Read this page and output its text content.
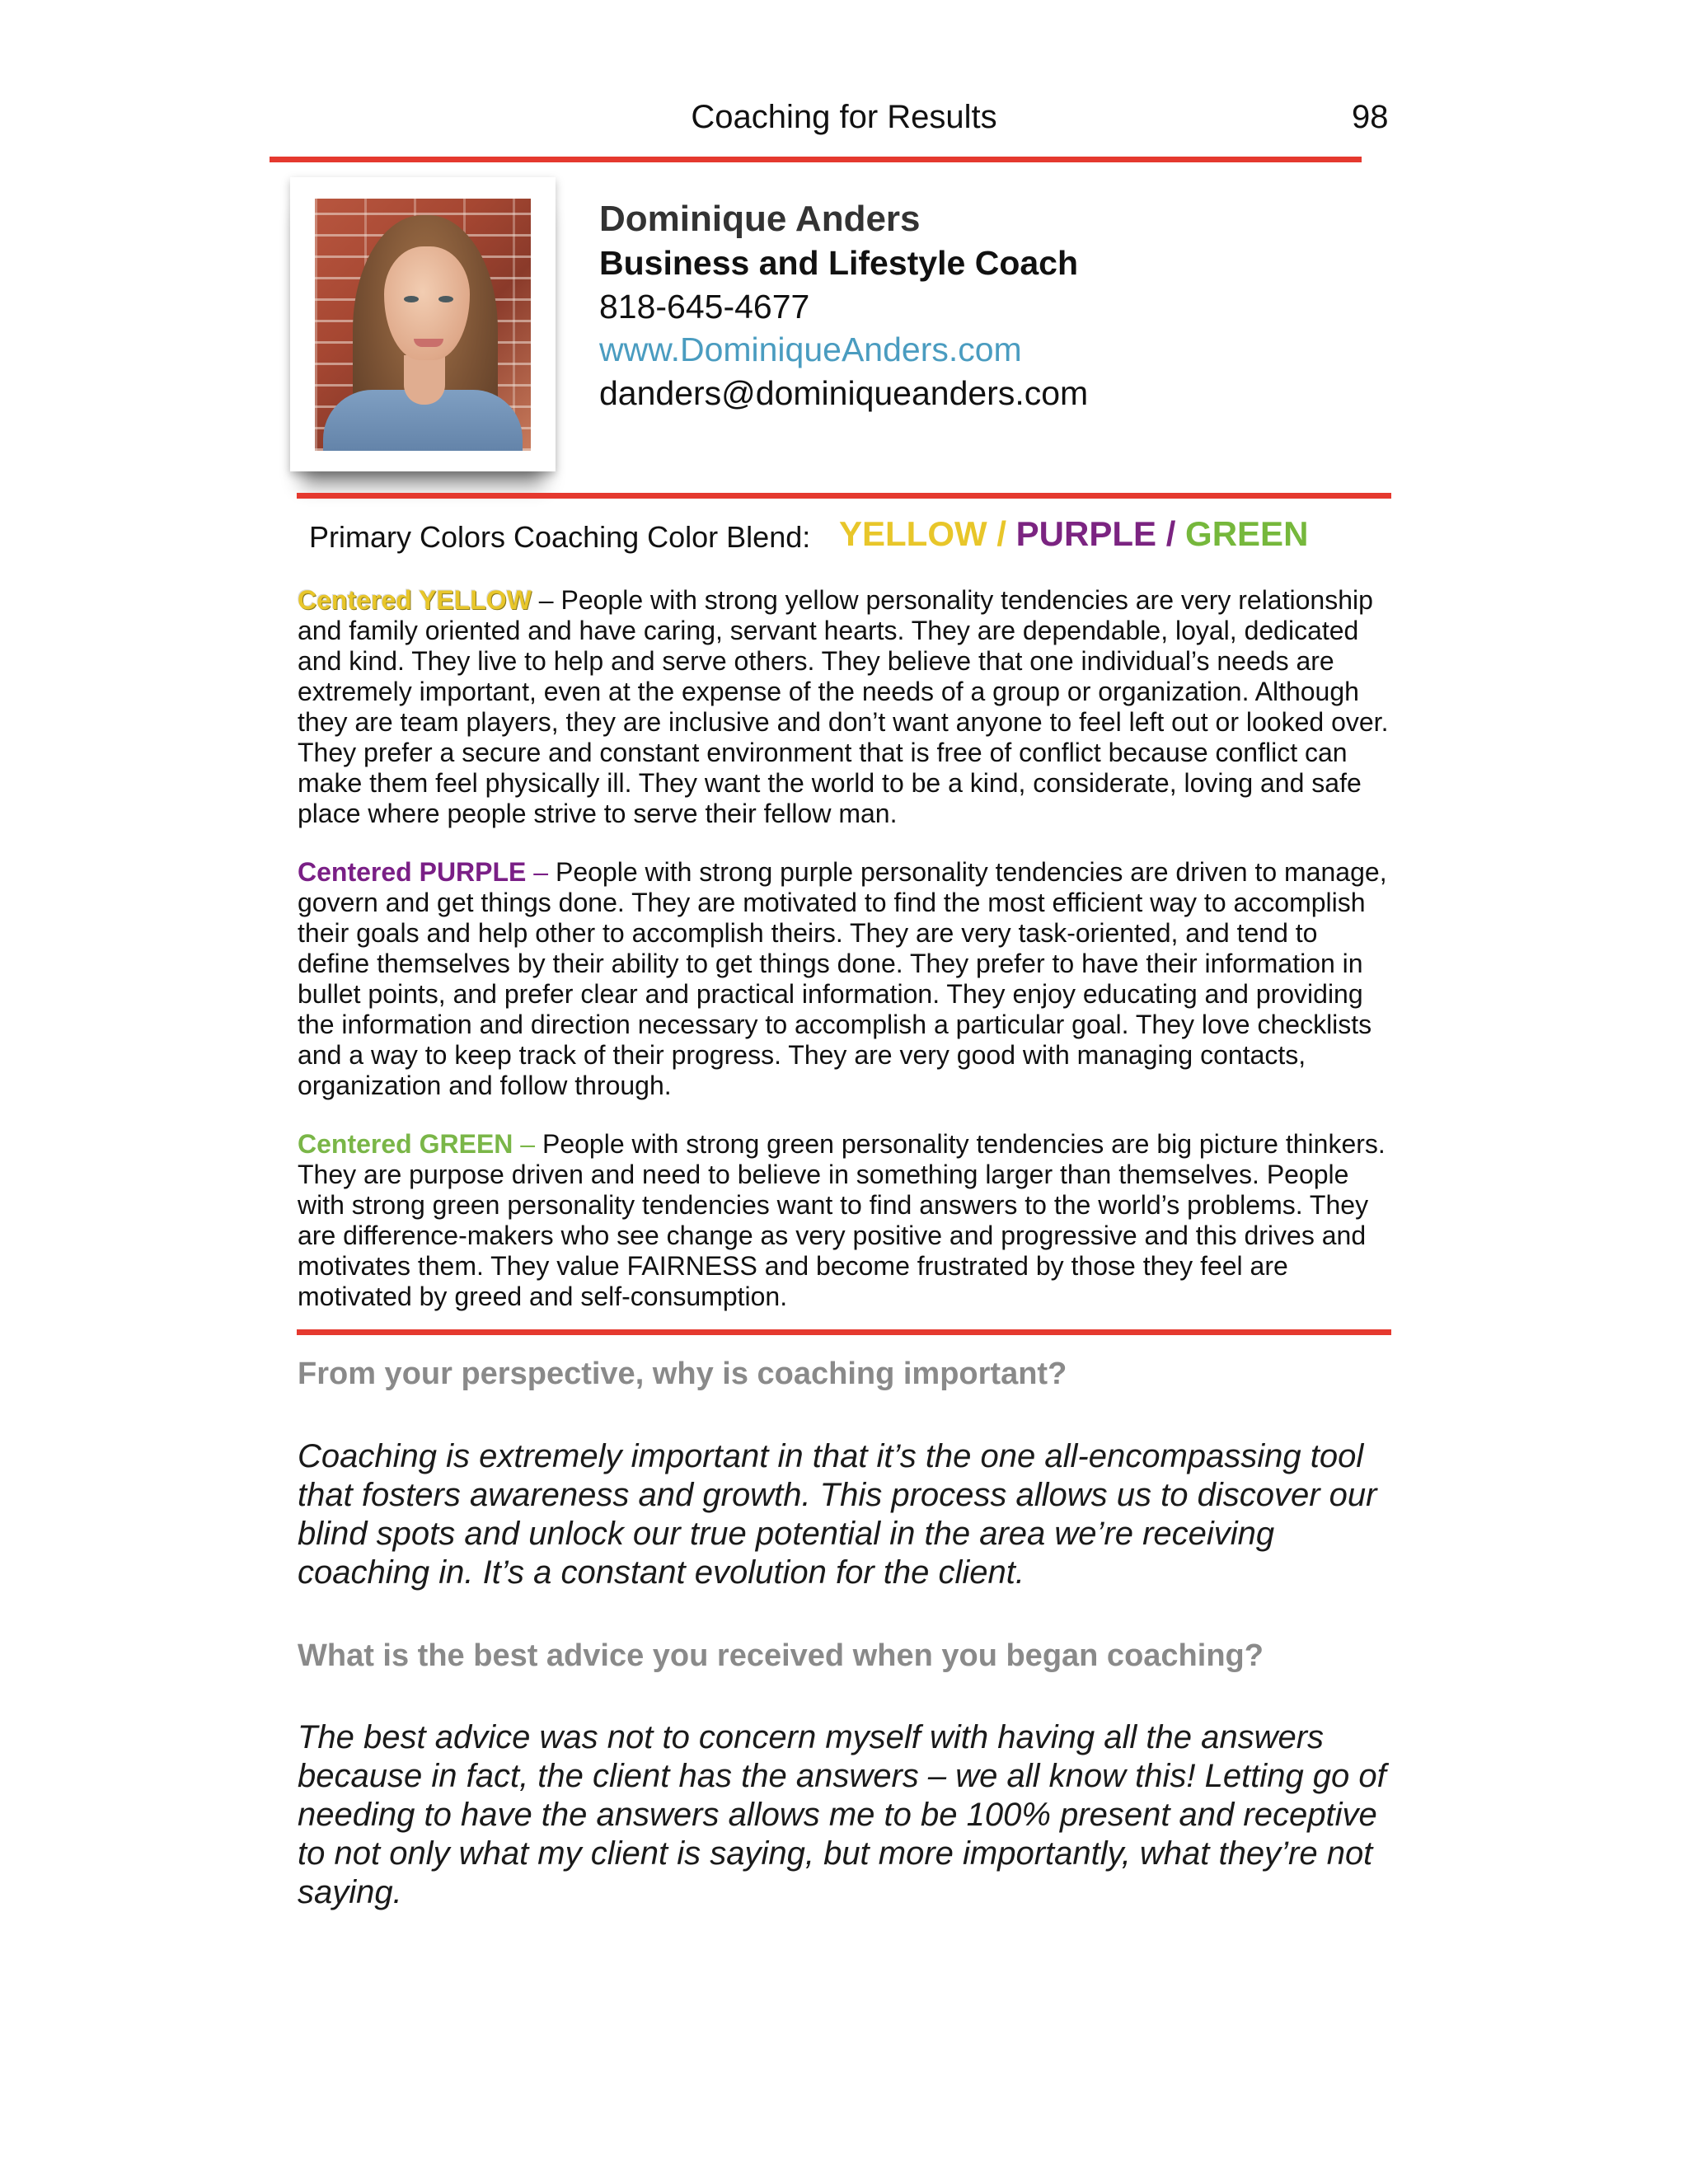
Coaching for Results	98
Dominique Anders
Business and Lifestyle Coach
818-645-4677
www.DominiqueAnders.com
danders@dominiqueanders.com
Primary Colors Coaching Color Blend: YELLOW / PURPLE / GREEN
Centered YELLOW – People with strong yellow personality tendencies are very relationship and family oriented and have caring, servant hearts. They are dependable, loyal, dedicated and kind. They live to help and serve others. They believe that one individual’s needs are extremely important, even at the expense of the needs of a group or organization. Although they are team players, they are inclusive and don’t want anyone to feel left out or looked over. They prefer a secure and constant environment that is free of conflict because conflict can make them feel physically ill. They want the world to be a kind, considerate, loving and safe place where people strive to serve their fellow man.
Centered PURPLE – People with strong purple personality tendencies are driven to manage, govern and get things done. They are motivated to find the most efficient way to accomplish their goals and help other to accomplish theirs. They are very task-oriented, and tend to define themselves by their ability to get things done. They prefer to have their information in bullet points, and prefer clear and practical information. They enjoy educating and providing the information and direction necessary to accomplish a particular goal. They love checklists and a way to keep track of their progress. They are very good with managing contacts, organization and follow through.
Centered GREEN – People with strong green personality tendencies are big picture thinkers. They are purpose driven and need to believe in something larger than themselves. People with strong green personality tendencies want to find answers to the world’s problems. They are difference-makers who see change as very positive and progressive and this drives and motivates them. They value FAIRNESS and become frustrated by those they feel are motivated by greed and self-consumption.
From your perspective, why is coaching important?
Coaching is extremely important in that it’s the one all-encompassing tool that fosters awareness and growth. This process allows us to discover our blind spots and unlock our true potential in the area we’re receiving coaching in. It’s a constant evolution for the client.
What is the best advice you received when you began coaching?
The best advice was not to concern myself with having all the answers because in fact, the client has the answers – we all know this! Letting go of needing to have the answers allows me to be 100% present and receptive to not only what my client is saying, but more importantly, what they’re not saying.
